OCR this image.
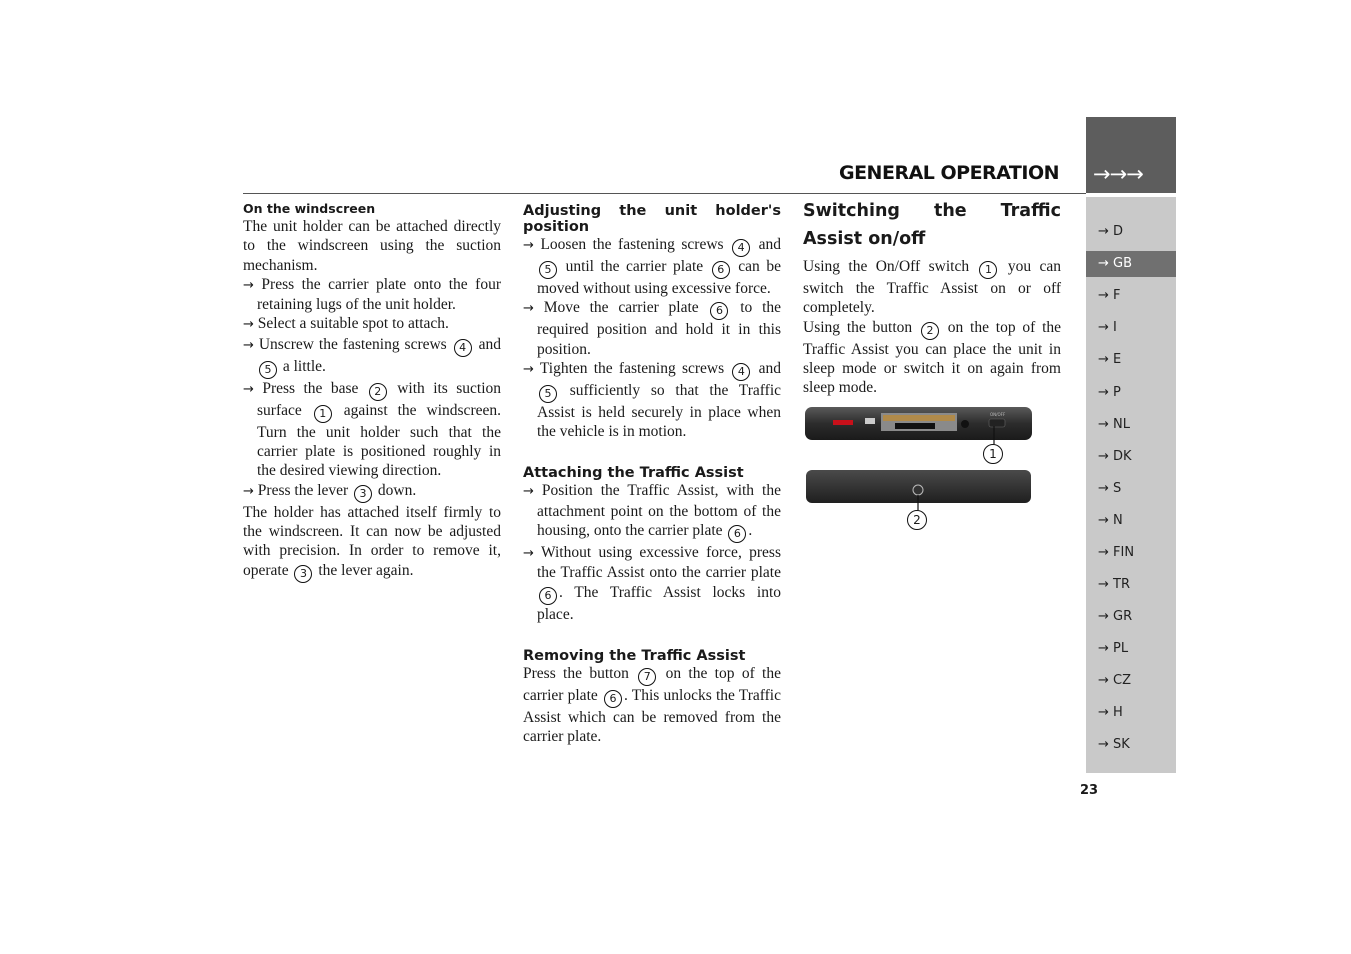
GENERAL OPERATION →→→
→ D
→ GB
→ F
→ I
→ E
→ P
→ NL
→ DK
→ S
→ N
→ FIN
→ TR
→ GR
→ PL
→ CZ
→ H
→ SK
23

On the windscreen

The unit holder can be attached directly to the windscreen using the suction mechanism.

→ Press the carrier plate onto the four retaining lugs of the unit holder.

→ Select a suitable spot to attach.

→ Unscrew the fastening screws 4 and 5 a little.

→ Press the base 2 with its suction surface 1 against the windscreen. Turn the unit holder such that the carrier plate is positioned roughly in the desired viewing direction.

→ Press the lever 3 down.

The holder has attached itself firmly to the windscreen. It can now be adjusted with precision. In order to remove it, operate 3 the lever again.

Adjusting the unit holder's position

→ Loosen the fastening screws 4 and 5 until the carrier plate 6 can be moved without using excessive force.

→ Move the carrier plate 6 to the required position and hold it in this position.

→ Tighten the fastening screws 4 and 5 sufficiently so that the Traffic Assist is held securely in place when the vehicle is in motion.

Attaching the Traffic Assist

→ Position the Traffic Assist, with the attachment point on the bottom of the housing, onto the carrier plate 6 .

→ Without using excessive force, press the Traffic Assist onto the carrier plate 6 . The Traffic Assist locks into place.

Removing the Traffic Assist

Press the button 7 on the top of the carrier plate 6 . This unlocks the Traffic Assist which can be removed from the carrier plate.

Switching the Traffic Assist on/off

Using the On/Off switch 1 you can switch the Traffic Assist on or off completely.

Using the button 2 on the top of the Traffic Assist you can place the unit in sleep mode or switch it on again from sleep mode.

ON/OFF
1
2
